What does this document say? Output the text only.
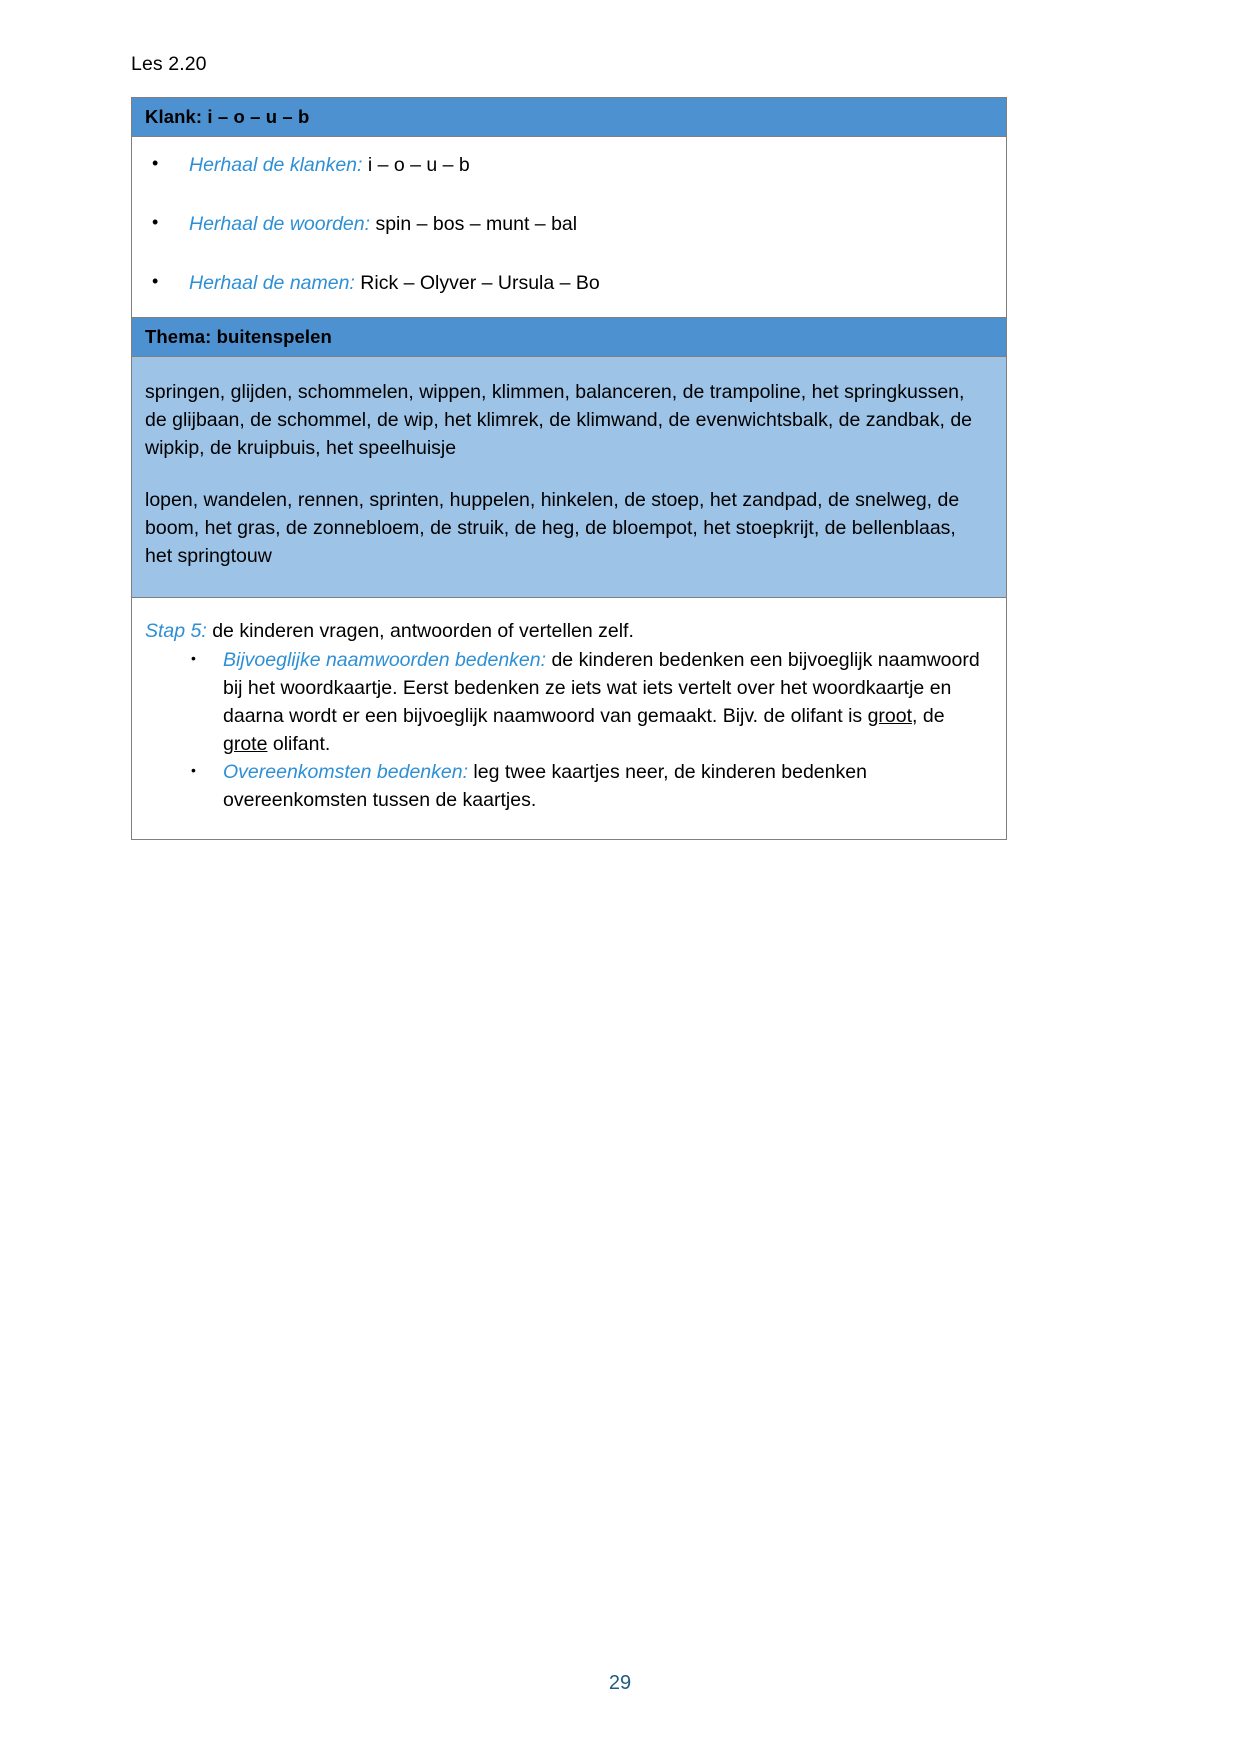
Les 2.20
Klank: i – o – u – b
• Herhaal de klanken: i – o – u – b
• Herhaal de woorden: spin – bos – munt – bal
• Herhaal de namen: Rick – Olyver – Ursula – Bo
Thema: buitenspelen

springen, glijden, schommelen, wippen, klimmen, balanceren, de trampoline, het springkussen, de glijbaan, de schommel, de wip, het klimrek, de klimwand, de evenwichtsbalk, de zandbak, de wipkip, de kruipbuis, het speelhuisje

lopen, wandelen, rennen, sprinten, huppelen, hinkelen, de stoep, het zandpad, de snelweg, de boom, het gras, de zonnebloem, de struik, de heg, de bloempot, het stoepkrijt, de bellenblaas, het springtouw

Stap 5: de kinderen vragen, antwoorden of vertellen zelf.

• Bijvoeglijke naamwoorden bedenken: de kinderen bedenken een bijvoeglijk naamwoord bij het woordkaartje. Eerst bedenken ze iets wat iets vertelt over het woordkaartje en daarna wordt er een bijvoeglijk naamwoord van gemaakt. Bijv. de olifant is groot, de grote olifant.
• Overeenkomsten bedenken: leg twee kaartjes neer, de kinderen bedenken overeenkomsten tussen de kaartjes.
29
